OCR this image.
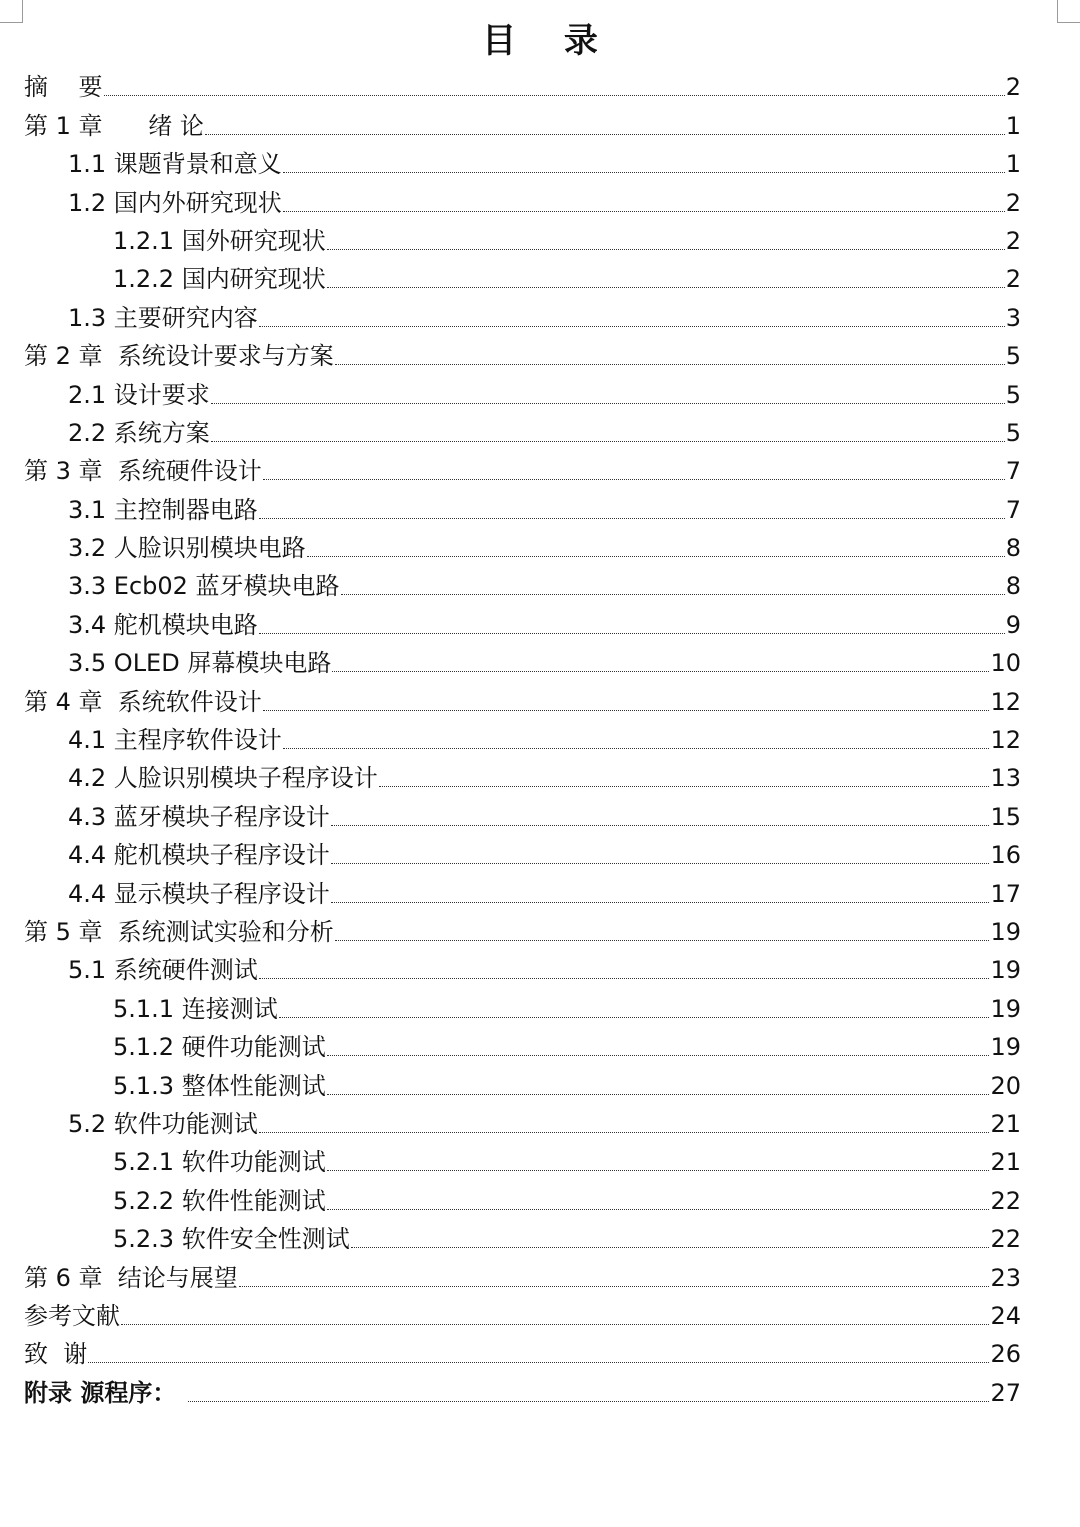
目 录
摘    要	2
第 1 章      绪 论	1
1.1 课题背景和意义	1
1.2 国内外研究现状	2
1.2.1 国外研究现状	2
1.2.2 国内研究现状	2
1.3 主要研究内容	3
第 2 章  系统设计要求与方案	5
2.1 设计要求	5
2.2 系统方案	5
第 3 章  系统硬件设计	7
3.1 主控制器电路	7
3.2 人脸识别模块电路	8
3.3 Ecb02 蓝牙模块电路	8
3.4 舵机模块电路	9
3.5 OLED 屏幕模块电路	10
第 4 章  系统软件设计	12
4.1 主程序软件设计	12
4.2 人脸识别模块子程序设计	13
4.3 蓝牙模块子程序设计	15
4.4 舵机模块子程序设计	16
4.4 显示模块子程序设计	17
第 5 章  系统测试实验和分析	19
5.1 系统硬件测试	19
5.1.1 连接测试	19
5.1.2 硬件功能测试	19
5.1.3 整体性能测试	20
5.2 软件功能测试	21
5.2.1 软件功能测试	21
5.2.2 软件性能测试	22
5.2.3 软件安全性测试	22
第 6 章  结论与展望	23
参考文献	24
致  谢	26
附录 源程序：	27
